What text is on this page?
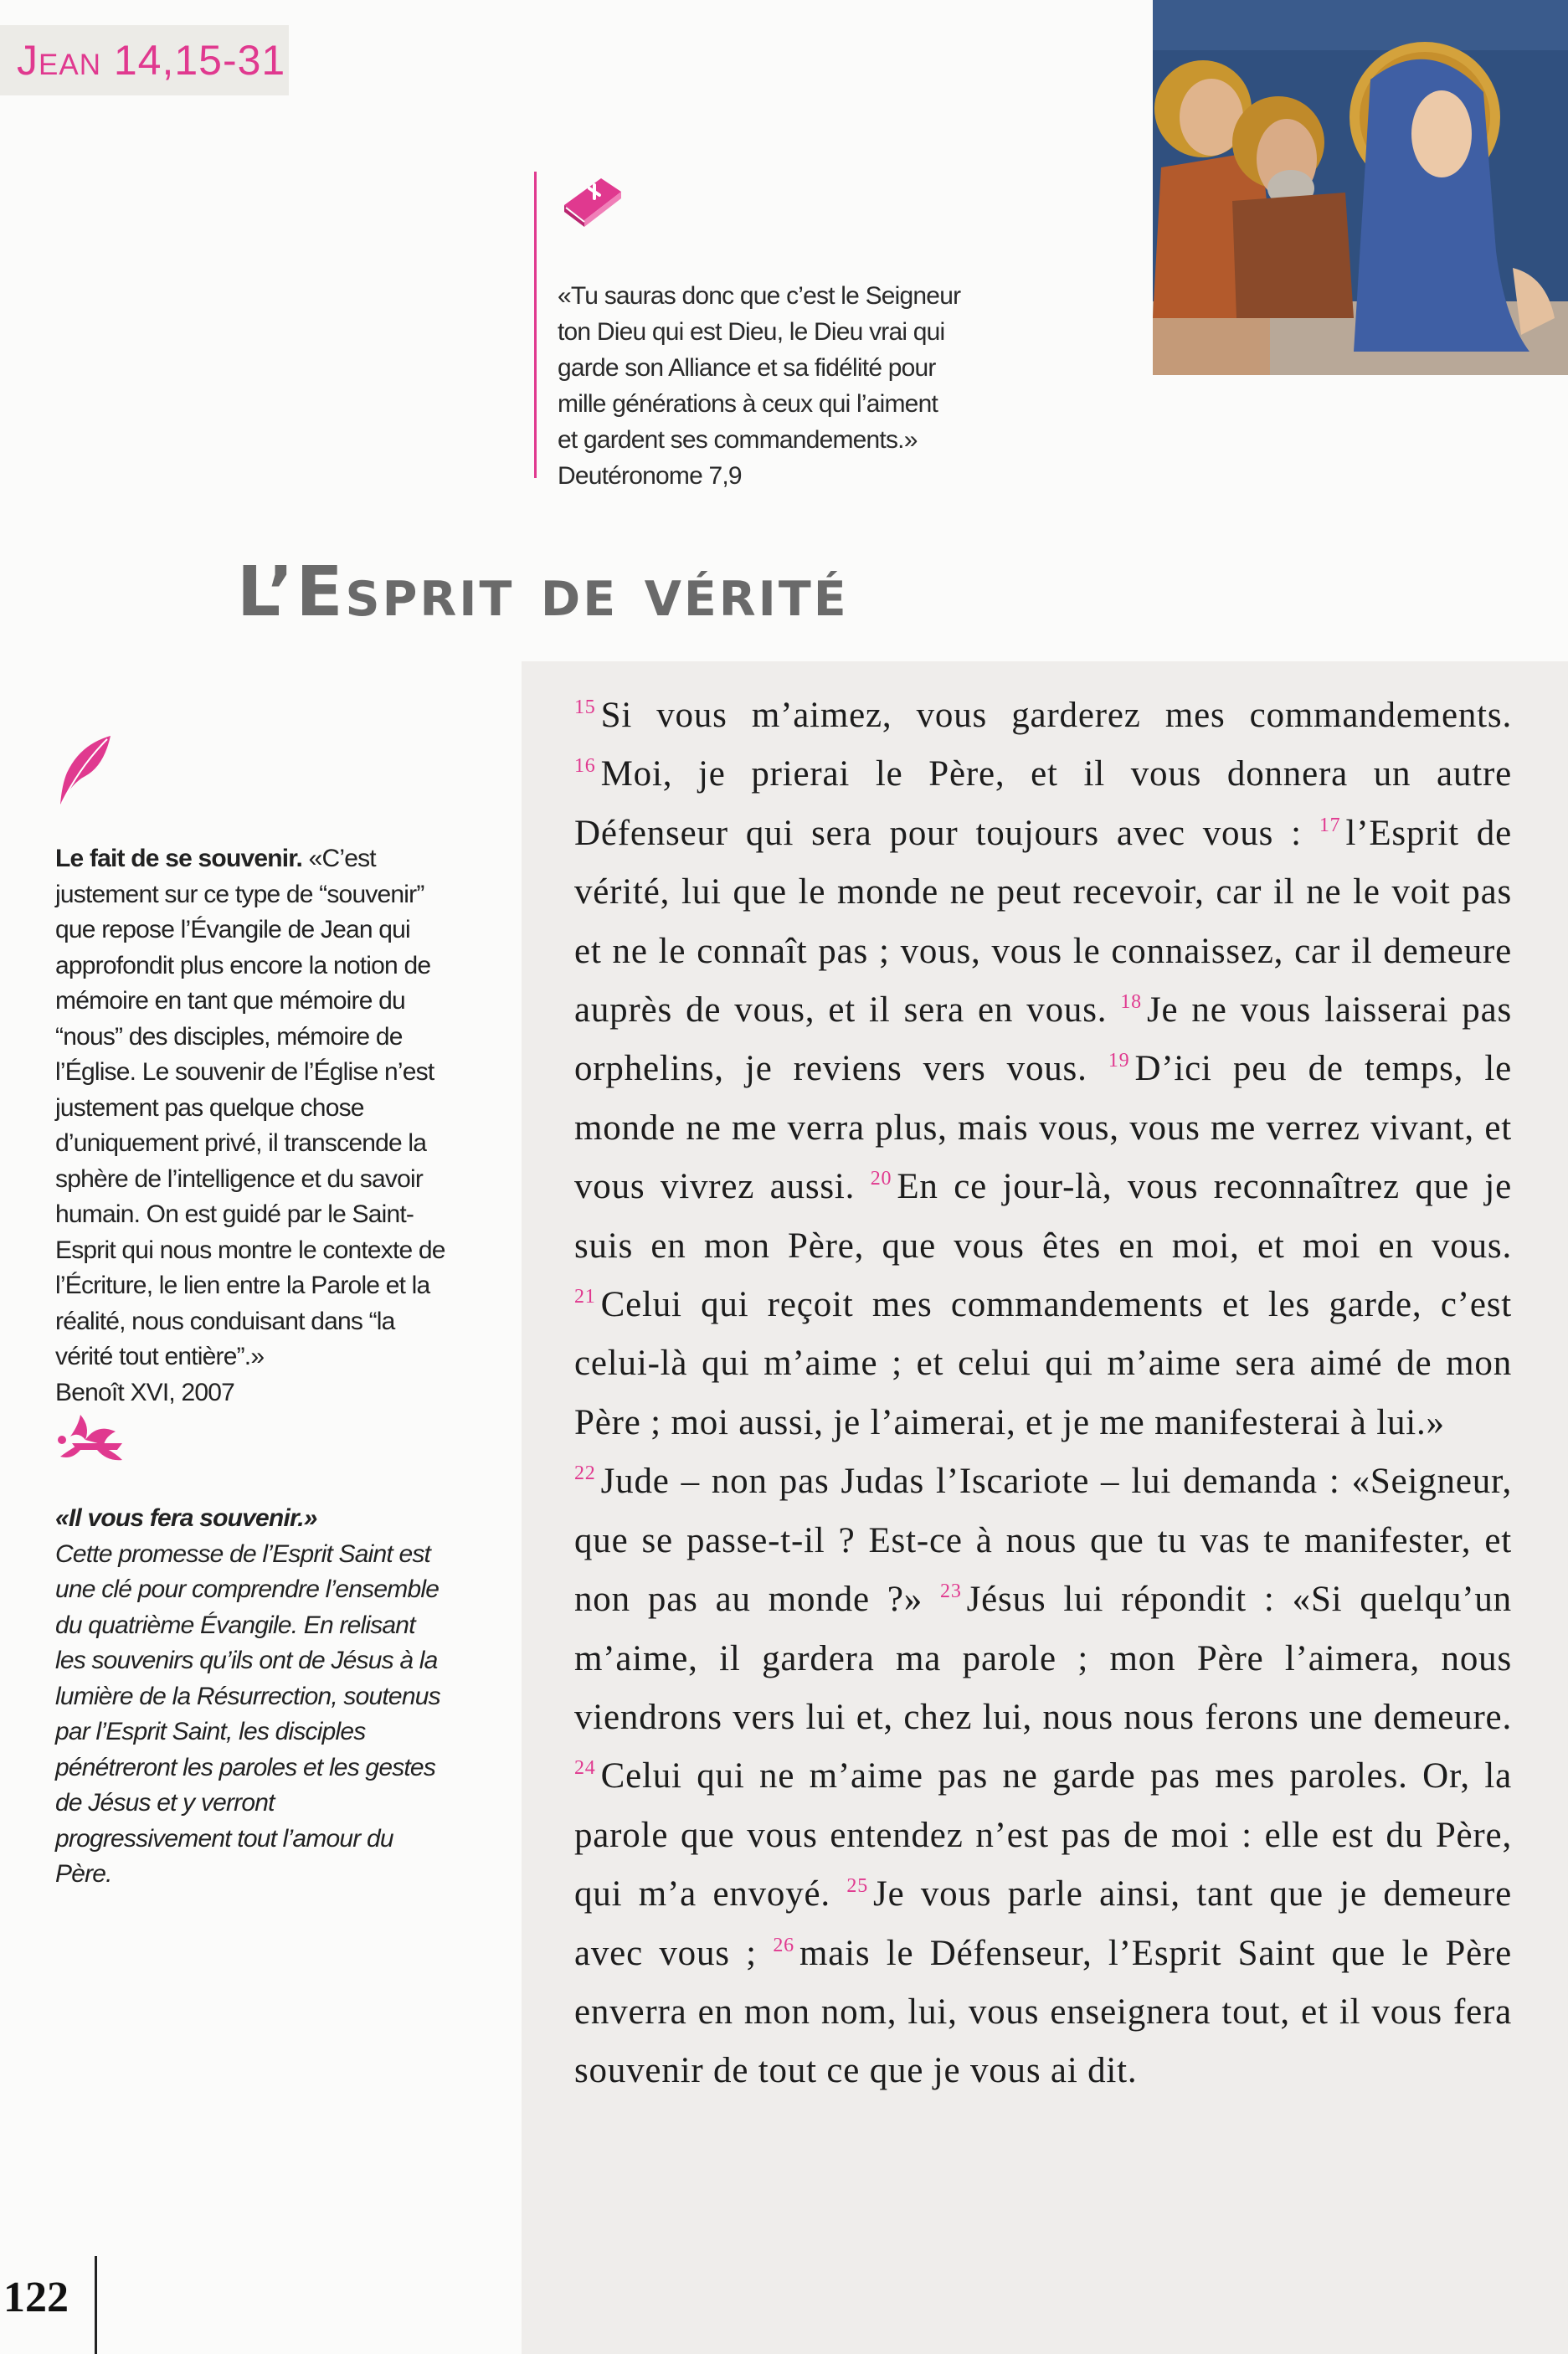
Jean 14,15-31

«Tu sauras donc que c’est le Seigneur
ton Dieu qui est Dieu, le Dieu vrai qui
garde son Alliance et sa fidélité pour
mille générations à ceux qui l’aiment
et gardent ses commandements.»

Deutéronome 7,9

L’Esprit de vérité
$^{15}$ Si vous m’aimez, vous garderez mes commandements. $^{16}$ Moi, je prierai le Père, et il vous donnera un autre Défenseur qui sera pour toujours avec vous : $^{17}$ l’Esprit de vérité, lui que le monde ne peut recevoir, car il ne le voit pas et ne le connaît pas ; vous, vous le connaissez, car il demeure auprès de vous, et il sera en vous. $^{18}$ Je ne vous laisserai pas orphelins, je reviens vers vous. $^{19}$ D’ici peu de temps, le monde ne me verra plus, mais vous, vous me verrez vivant, et vous vivrez aussi. $^{20}$ En ce jour-là, vous reconnaîtrez que je suis en mon Père, que vous êtes en moi, et moi en vous. $^{21}$ Celui qui reçoit mes commandements et les garde, c’est celui-là qui m’aime ; et celui qui m’aime sera aimé de mon Père ; moi aussi, je l’aimerai, et je me manifesterai à lui.»
$^{22}$ Jude – non pas Judas l’Iscariote – lui demanda : «Seigneur, que se passe-t-il ? Est-ce à nous que tu vas te manifester, et non pas au monde ?» $^{23}$ Jésus lui répondit : «Si quelqu’un m’aime, il gardera ma parole ; mon Père l’aimera, nous viendrons vers lui et, chez lui, nous nous ferons une demeure. $^{24}$ Celui qui ne m’aime pas ne garde pas mes paroles. Or, la parole que vous entendez n’est pas de moi : elle est du Père, qui m’a envoyé. $^{25}$ Je vous parle ainsi, tant que je demeure avec vous ; $^{26}$ mais le Défenseur, l’Esprit Saint que le Père enverra en mon nom, lui, vous enseignera tout, et il vous fera souvenir de tout ce que je vous ai dit.
Le fait de se souvenir. «C’est justement sur ce type de “souvenir” que repose l’Évangile de Jean qui approfondit plus encore la notion de mémoire en tant que mémoire du “nous” des disciples, mémoire de l’Église. Le souvenir de l’Église n’est justement pas quelque chose d’uniquement privé, il transcende la sphère de l’intelligence et du savoir humain. On est guidé par le Saint-Esprit qui nous montre le contexte de l’Écriture, le lien entre la Parole et la réalité, nous conduisant dans “la vérité tout entière”.»
Benoît XVI, 2007
«Il vous fera souvenir.»
Cette promesse de l’Esprit Saint est une clé pour comprendre l’ensemble du quatrième Évangile. En relisant les souvenirs qu’ils ont de Jésus à la lumière de la Résurrection, soutenus par l’Esprit Saint, les disciples pénétreront les paroles et les gestes de Jésus et y verront progressivement tout l’amour du Père.
122
